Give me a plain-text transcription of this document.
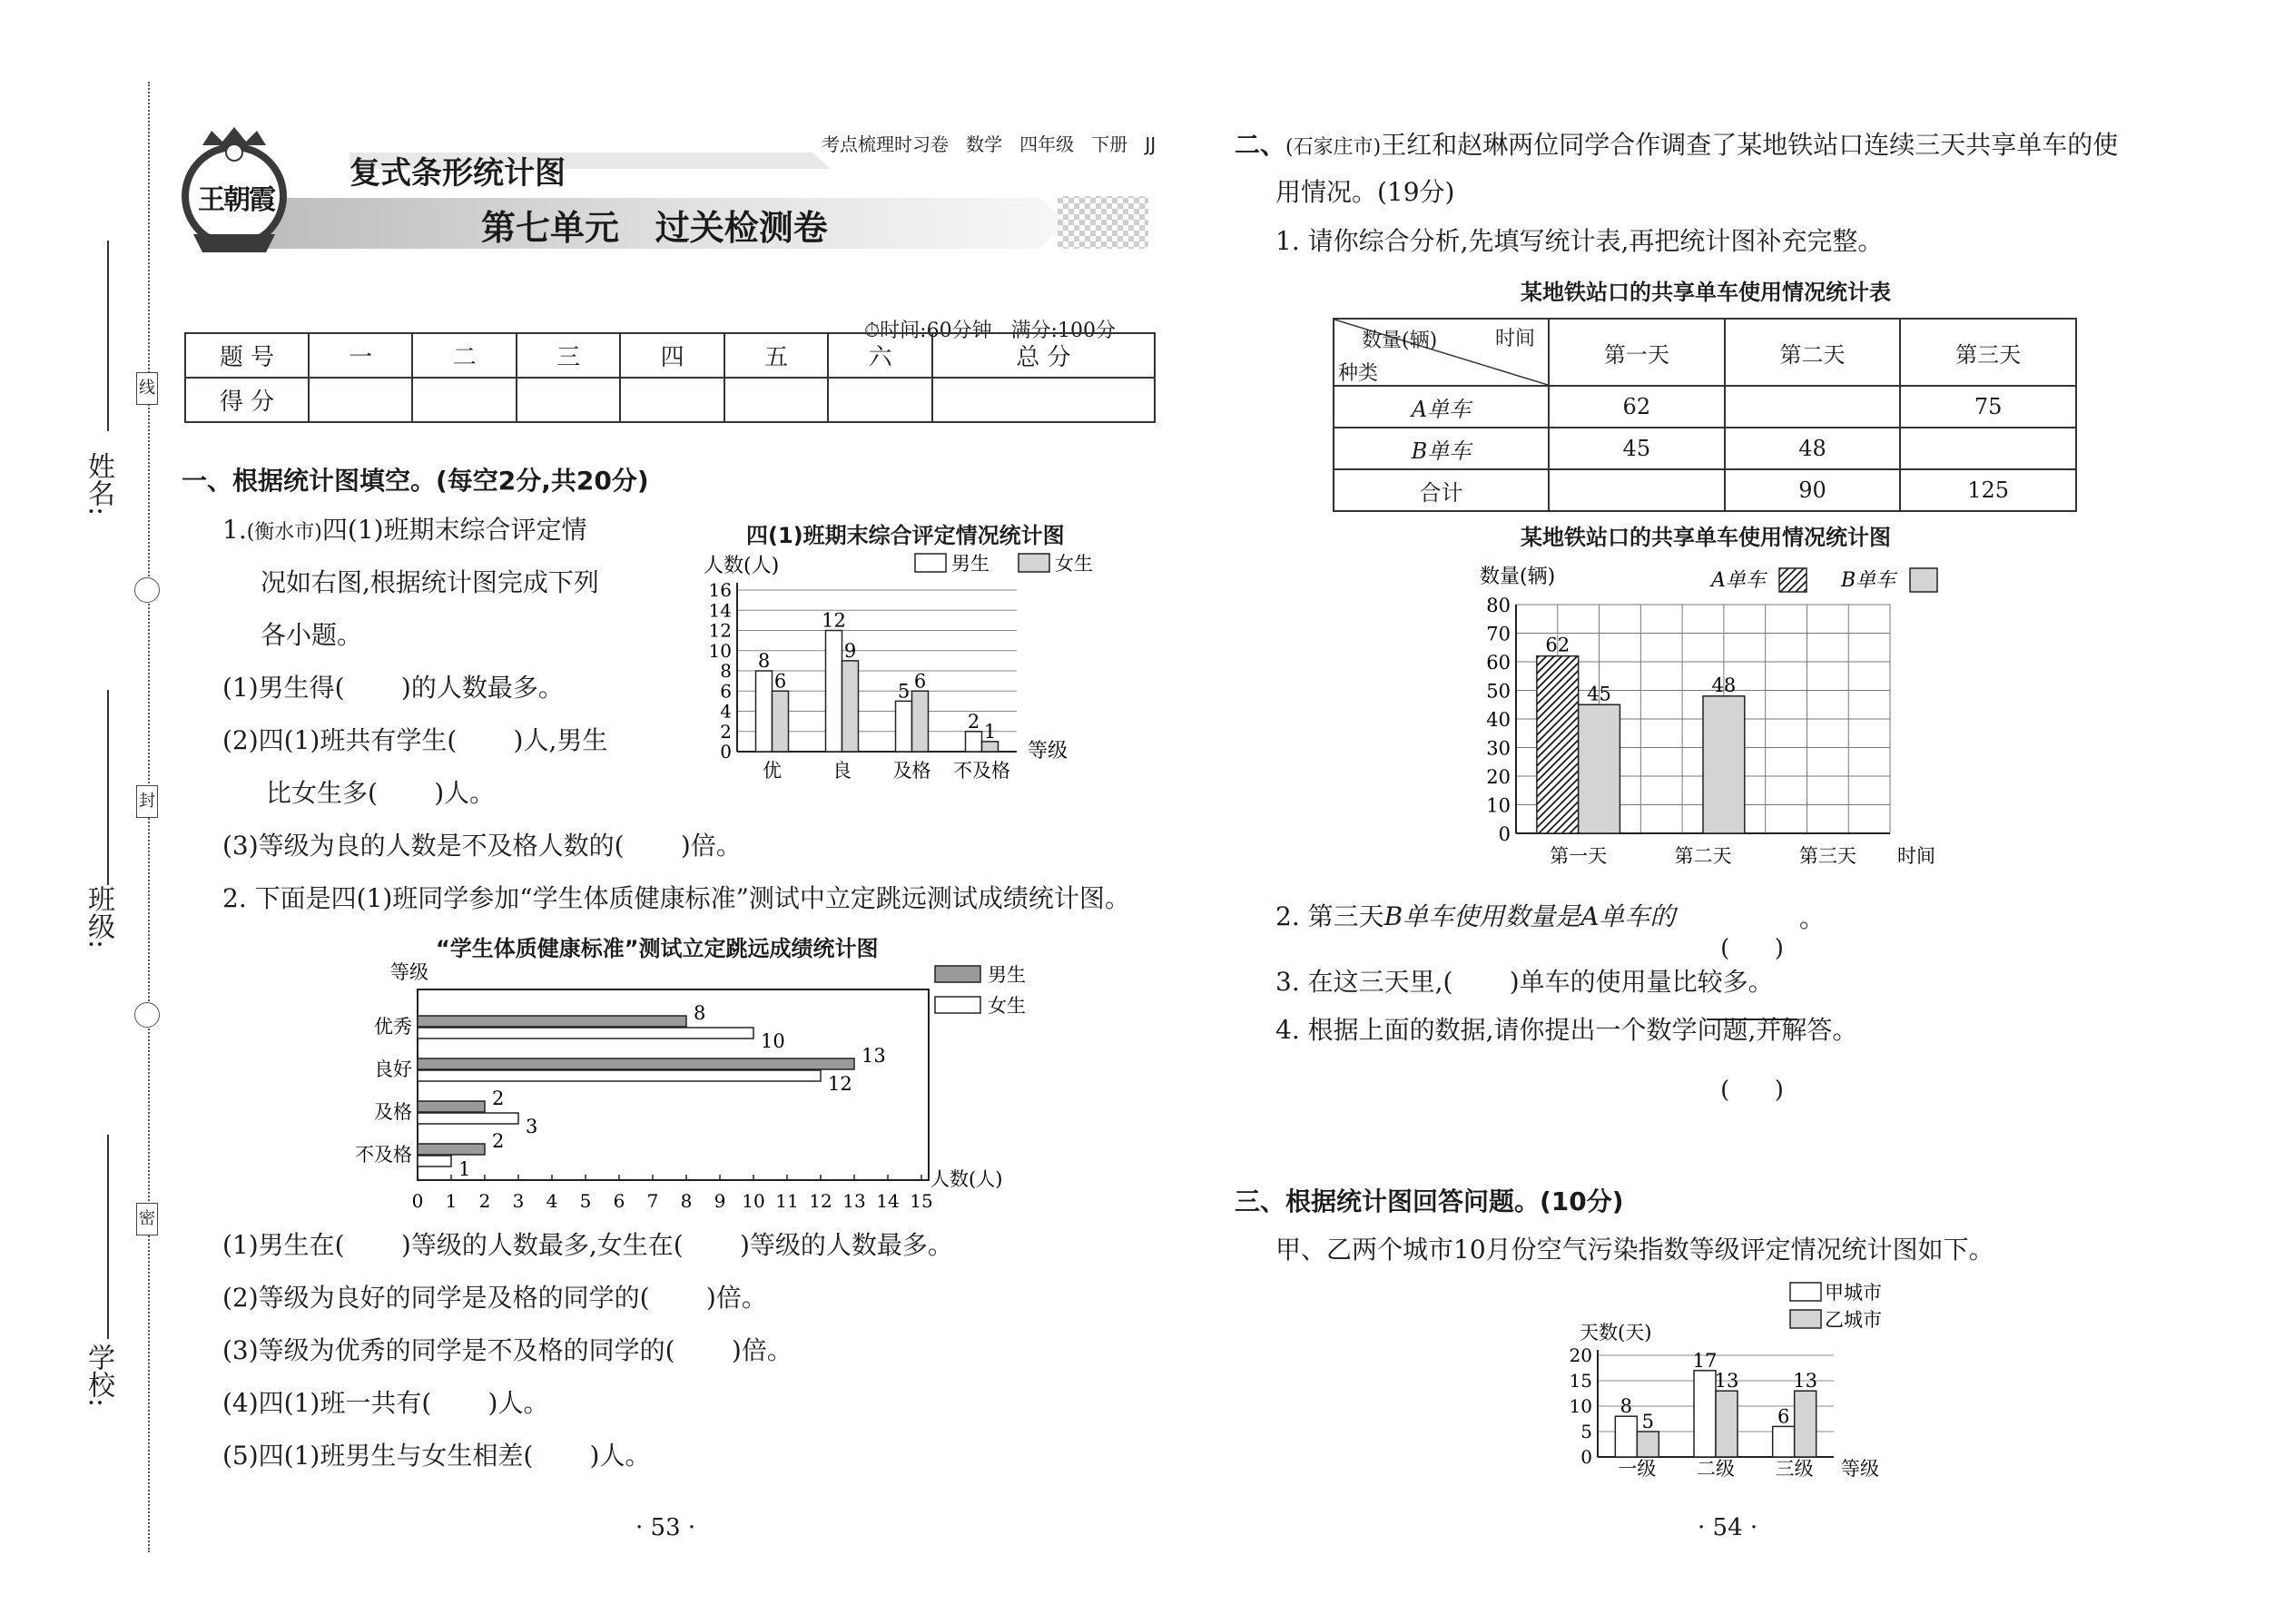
线
封
密
姓名:
班级:
学校:
考点梳理时习卷 数学 四年级 下册 JJ
王朝霞
复式条形统计图
第七单元   过关检测卷

⏱时间:60分钟   满分:100分

题 号	一	二	三	四	五	六	总 分
得 分							
一、根据统计图填空。(每空2分,共20分)
1.(衡水市)四(1)班期末综合评定情
况如右图,根据统计图完成下列
各小题。
(1)男生得(       )的人数最多。
(2)四(1)班共有学生(       )人,男生
比女生多(       )人。
(3)等级为良的人数是不及格人数的(       )倍。
四(1)班期末综合评定情况统计图
0
2
4
6
8
10
12
14
16
人数(人)
等级
男生	女生
优
8
6
良
12
9
及格
5 6
不及格
2 1
2. 下面是四(1)班同学参加“学生体质健康标准”测试中立定跳远测试成绩统计图。
“学生体质健康标准”测试立定跳远成绩统计图
等级	男生
女生
0 1 2 3 4 5 6 7 8 9 10 11 12 13 14 15
人数(人)
优秀
8
10
良好
13
12
及格
2
3
不及格
2
1
(1)男生在(       )等级的人数最多,女生在(       )等级的人数最多。
(2)等级为良好的同学是及格的同学的(       )倍。
(3)等级为优秀的同学是不及格的同学的(       )倍。
(4)四(1)班一共有(       )人。
(5)四(1)班男生与女生相差(       )人。
· 53 ·
二、(石家庄市)王红和赵琳两位同学合作调查了某地铁站口连续三天共享单车的使
用情况。(19分)
1. 请你综合分析,先填写统计表,再把统计图补充完整。
某地铁站口的共享单车使用情况统计表
时间
数量(辆)
种类	第一天	第二天	第三天
A单车	62		75
B单车	45	48	
合计		90	125
某地铁站口的共享单车使用情况统计图
数量(辆)	A单车	B单车
0
10
20
30
40
50
60
70
80
时间
第一天
62
45
第二天
48
第三天
2. 第三天B单车使用数量是A单车的

(      )

(      )

。
3. 在这三天里,(       )单车的使用量比较多。
4. 根据上面的数据,请你提出一个数学问题,并解答。
三、根据统计图回答问题。(10分)
甲、乙两个城市10月份空气污染指数等级评定情况统计图如下。
甲城市
乙城市
天数(天)
0
5
10
15
20
等级
一级
8
5
二级
17
13
三级
6
13
· 54 ·
